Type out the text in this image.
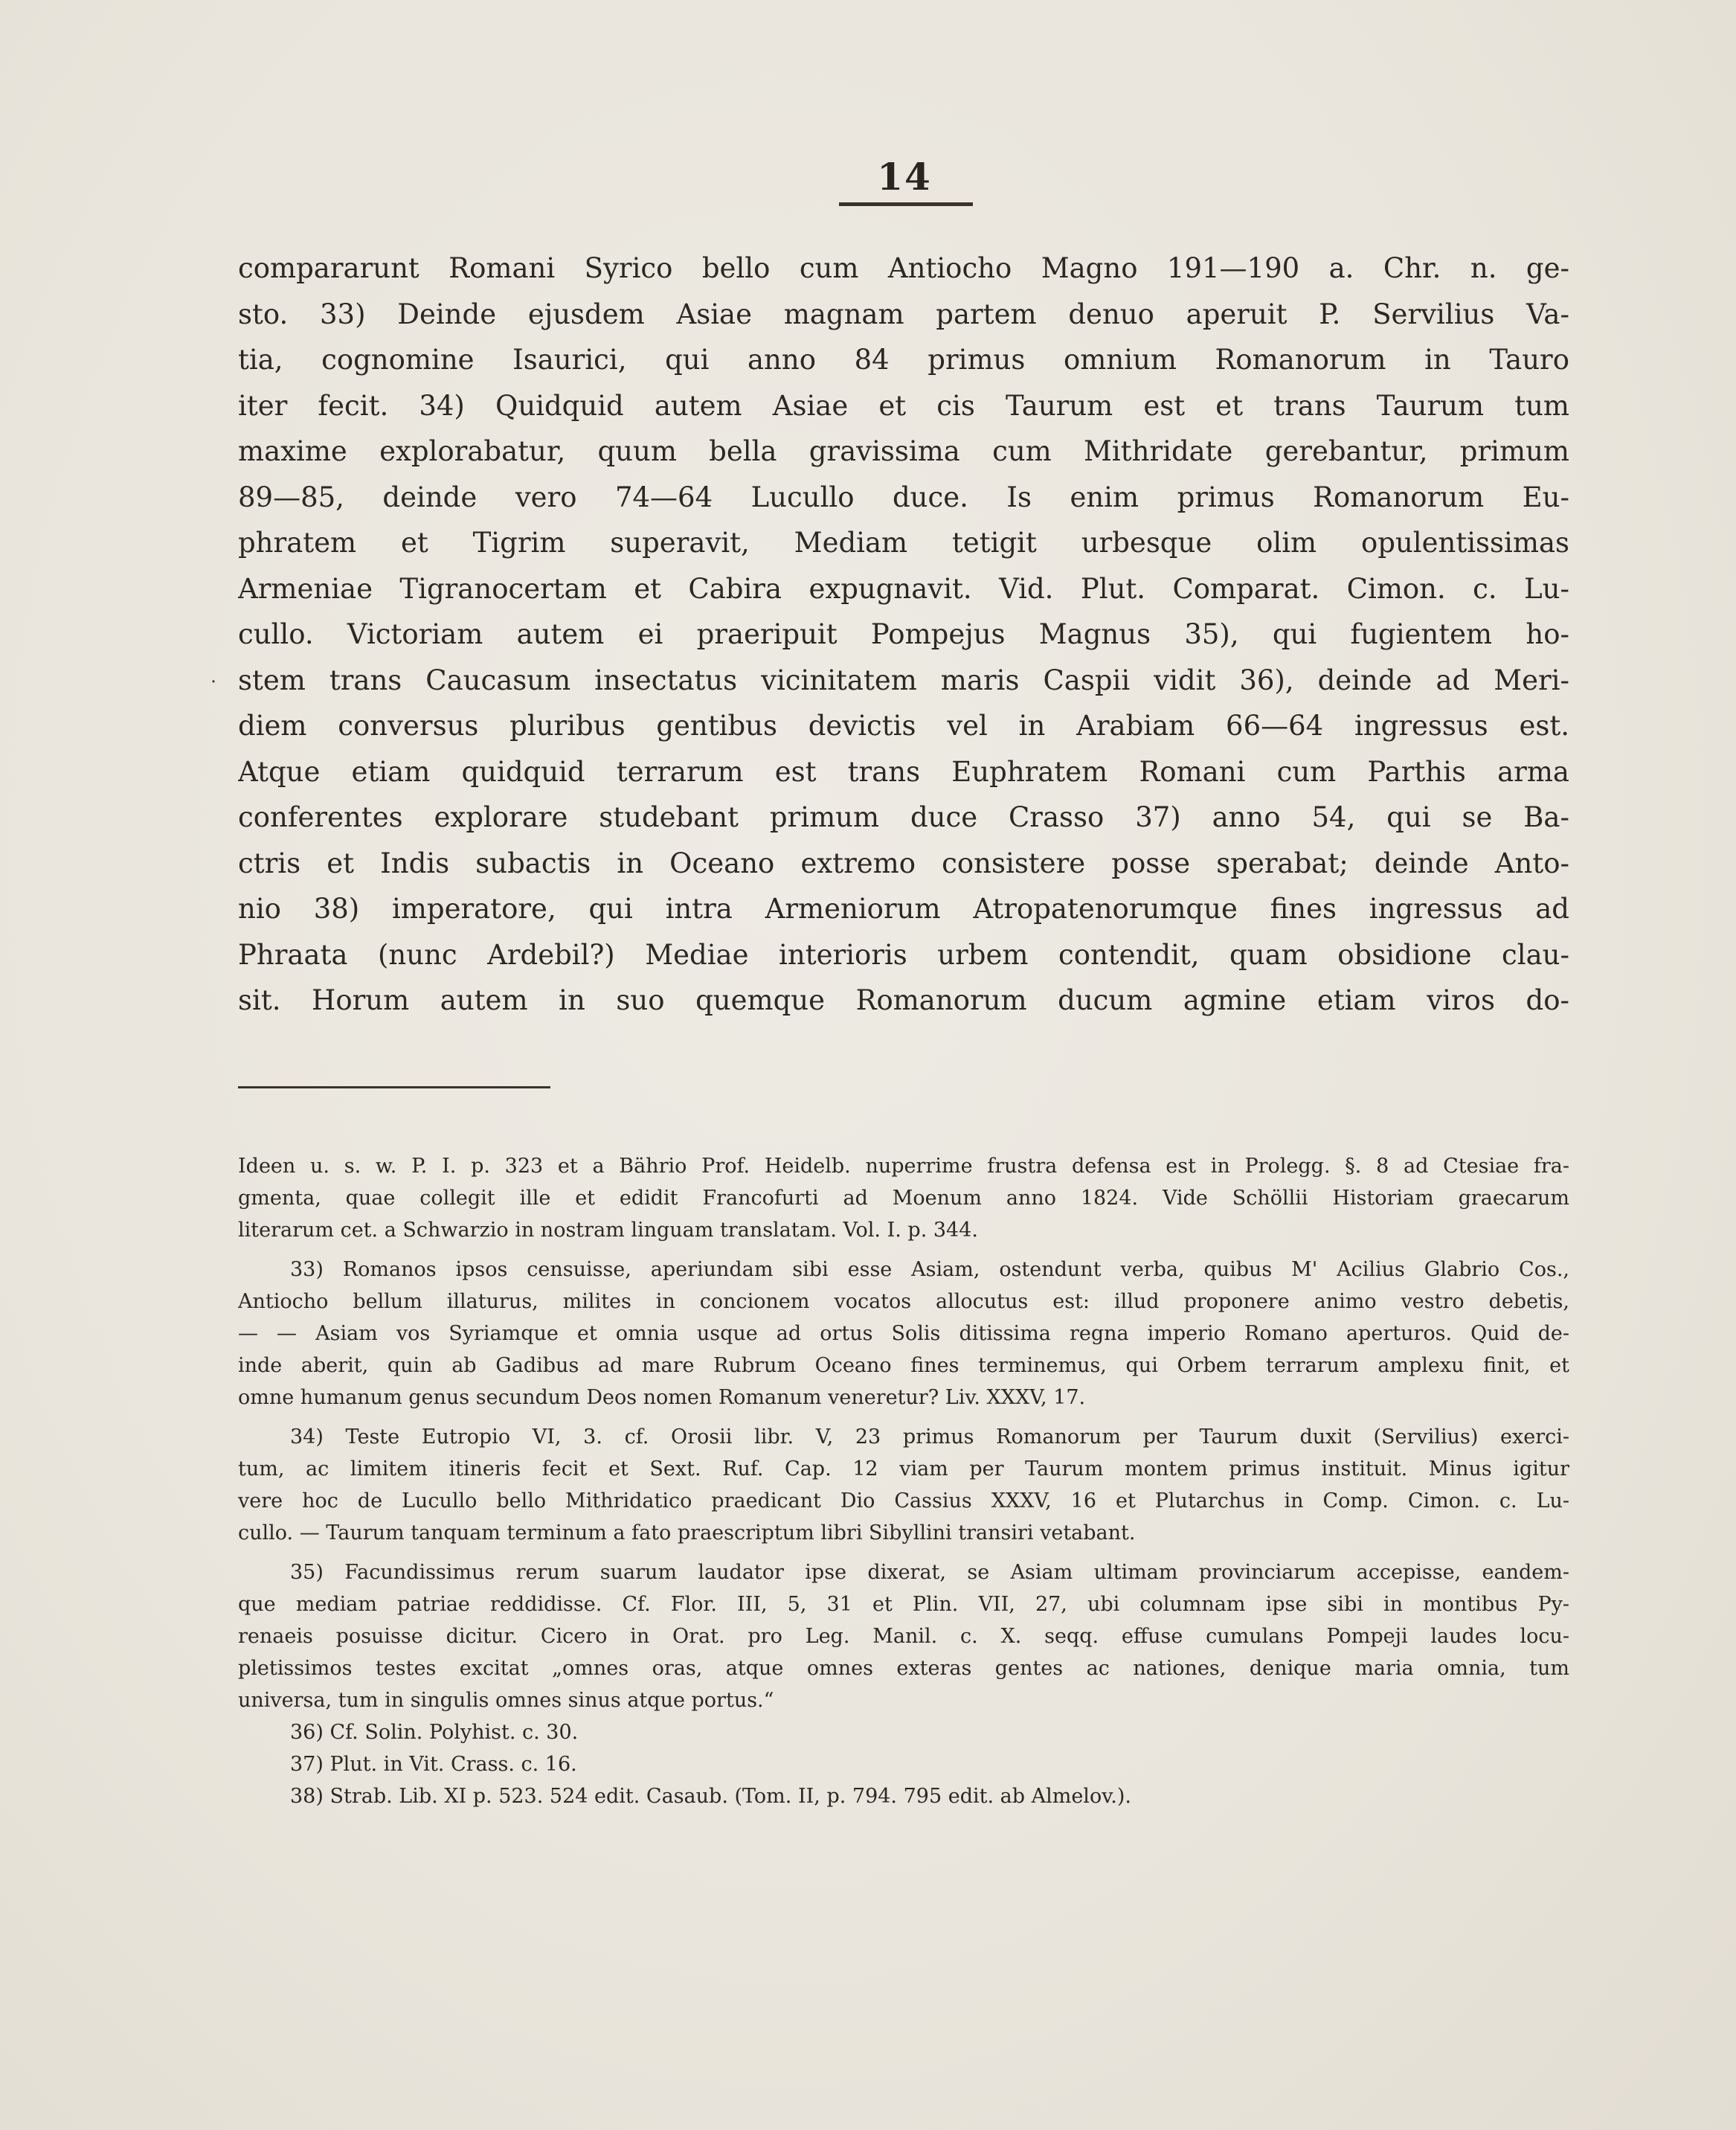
14
˙
compararunt Romani Syrico bello cum Antiocho Magno 191—190 a. Chr. n. ge-
sto. 33) Deinde ejusdem Asiae magnam partem denuo aperuit P. Servilius Va-
tia, cognomine Isaurici, qui anno 84 primus omnium Romanorum in Tauro
iter fecit. 34) Quidquid autem Asiae et cis Taurum est et trans Taurum tum
maxime explorabatur, quum bella gravissima cum Mithridate gerebantur, primum
89—85, deinde vero 74—64 Lucullo duce. Is enim primus Romanorum Eu-
phratem et Tigrim superavit, Mediam tetigit urbesque olim opulentissimas
Armeniae Tigranocertam et Cabira expugnavit. Vid. Plut. Comparat. Cimon. c. Lu-
cullo. Victoriam autem ei praeripuit Pompejus Magnus 35), qui fugientem ho-
stem trans Caucasum insectatus vicinitatem maris Caspii vidit 36), deinde ad Meri-
diem conversus pluribus gentibus devictis vel in Arabiam 66—64 ingressus est.
Atque etiam quidquid terrarum est trans Euphratem Romani cum Parthis arma
conferentes explorare studebant primum duce Crasso 37) anno 54, qui se Ba-
ctris et Indis subactis in Oceano extremo consistere posse sperabat; deinde Anto-
nio 38) imperatore, qui intra Armeniorum Atropatenorumque fines ingressus ad
Phraata (nunc Ardebil?) Mediae interioris urbem contendit, quam obsidione clau-
sit. Horum autem in suo quemque Romanorum ducum agmine etiam viros do-
Ideen u. s. w. P. I. p. 323 et a Bährio Prof. Heidelb. nuperrime frustra defensa est in Prolegg. §. 8 ad Ctesiae fra-
gmenta, quae collegit ille et edidit Francofurti ad Moenum anno 1824. Vide Schöllii Historiam graecarum
literarum cet. a Schwarzio in nostram linguam translatam. Vol. I. p. 344.
33) Romanos ipsos censuisse, aperiundam sibi esse Asiam, ostendunt verba, quibus M' Acilius Glabrio Cos.,
Antiocho bellum illaturus, milites in concionem vocatos allocutus est: illud proponere animo vestro debetis,
— — Asiam vos Syriamque et omnia usque ad ortus Solis ditissima regna imperio Romano aperturos. Quid de-
inde aberit, quin ab Gadibus ad mare Rubrum Oceano fines terminemus, qui Orbem terrarum amplexu finit, et
omne humanum genus secundum Deos nomen Romanum veneretur? Liv. XXXV, 17.
34) Teste Eutropio VI, 3. cf. Orosii libr. V, 23 primus Romanorum per Taurum duxit (Servilius) exerci-
tum, ac limitem itineris fecit et Sext. Ruf. Cap. 12 viam per Taurum montem primus instituit. Minus igitur
vere hoc de Lucullo bello Mithridatico praedicant Dio Cassius XXXV, 16 et Plutarchus in Comp. Cimon. c. Lu-
cullo. — Taurum tanquam terminum a fato praescriptum libri Sibyllini transiri vetabant.
35) Facundissimus rerum suarum laudator ipse dixerat, se Asiam ultimam provinciarum accepisse, eandem-
que mediam patriae reddidisse. Cf. Flor. III, 5, 31 et Plin. VII, 27, ubi columnam ipse sibi in montibus Py-
renaeis posuisse dicitur. Cicero in Orat. pro Leg. Manil. c. X. seqq. effuse cumulans Pompeji laudes locu-
pletissimos testes excitat „omnes oras, atque omnes exteras gentes ac nationes, denique maria omnia, tum
universa, tum in singulis omnes sinus atque portus.“
36) Cf. Solin. Polyhist. c. 30.
37) Plut. in Vit. Crass. c. 16.
38) Strab. Lib. XI p. 523. 524 edit. Casaub. (Tom. II, p. 794. 795 edit. ab Almelov.).
